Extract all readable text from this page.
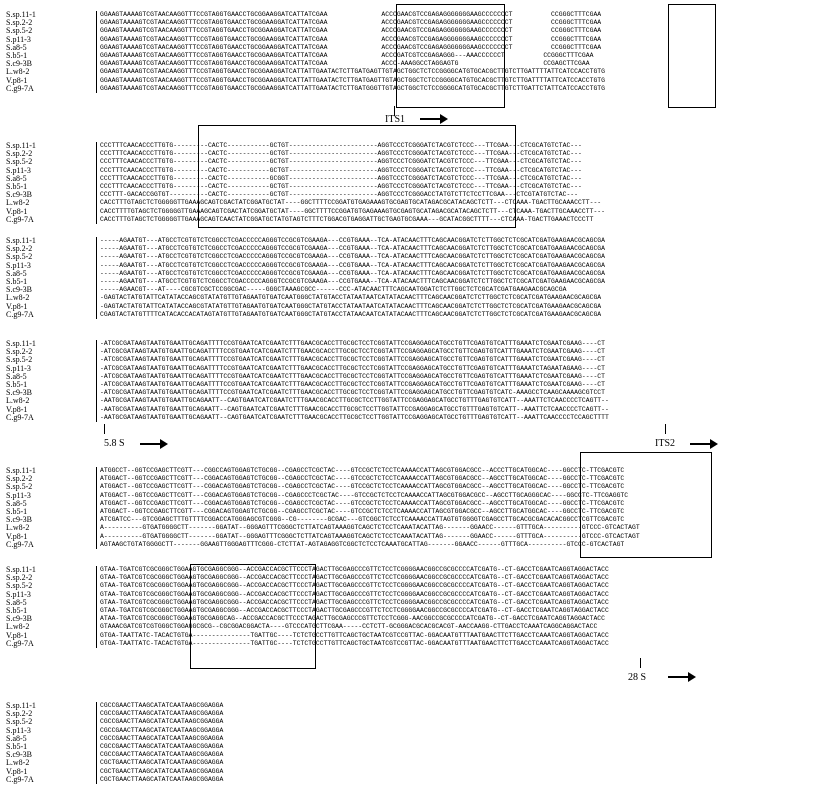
S.sp.11-1
S.sp.2-2
S.sp.5-2
S.p11-3
S.a8-5
S.b5-1
S.c9-3B
L.w8-2
V.p8-1
C.g9-7A
GGAAGTAAAAGTCGTAACAAGGTTTCCGTAGGTGAACCTGCGGAAGGATCATTATCGAA              ACCCGAACGTCCGAGAGGGGGGGAAGCCCCCCCT          CCGGGCTTTCGAA
GGAAGTAAAAGTCGTAACAAGGTTTCCGTAGGTGAACCTGCGGAAGGATCATTATCGAA              ACCCGAACGTCCGAGAGGGGGGGAAGCCCCCCCT          CCGGGCTTTCGAA
GGAAGTAAAAGTCGTAACAAGGTTTCCGTAGGTGAACCTGCGGAAGGATCATTATCGAA              ACCCGAACGTCCGAGAGGGGGGGAAGCCCCCCCT          CCGGGCTTTCGAA
GGAAGTAAAAGTCGTAACAAGGTTTCCGTAGGTGAACCTGCGGAAGGATCATTATCGAA              ACCCGAACGTCCGAGAGGGGGGGAAGCCCCCCCT          CCGGGCTTTCGAA
GGAAGTAAAAGTCGTAACAAGGTTTCCGTAGGTGAACCTGCGGAAGGATCATTATCGAA              ACCCGAACGTCCGAGAGGGGGGGAAGCCCCCCCT          CCGGGCTTTCGAA
GGAAGTAAAAGTCGTAACAAGGTTTCCGTAGGTGAACCTGCGGAAGGATCATTATCGAA              ACCCGATCGTCCGAGAGGG---AAACCCCCCT          CCGGGCTTTCGAA
GGAAGTAAAAGTCGTAACAAGGTTTCCGTAGGTGAACCTGCGGAAGGATCATTATCGAA              ACCC-AAAGGCCTAGGAGTG                      CCGAGCTTCGAA
GGAAGTAAAAGTCGTAACAAGGTTTCCGTAGGTGAACCTGCGGAAGGATCATTATTGAATACTCTTGATGAGTTGTAGCTGGCTCTCCGGGGCATGTGCACGCTTGTCTTGATTTTATTCATCCACCTGTG
GGAAGTAAAAGTCGTAACAAGGTTTCCGTAGGTGAACCTGCGGAAGGATCATTATTGAATACTCTTGATGAGTTGTAGCTGGCTCTCCGGGGCATGTGCACGCTTGTCTTGATTTTATTCATCCACCTGTG
GGAAGTAAAAGTCGTAACAAGGTTTCCGTAGGTGAACCTGCGGAAGGATCATTATTGAATACTCTTGATGGGTTGTAGCTGGCTCTCCGGGGCATGTGCACGCTTGTCTTGATTCTATTCATCCACCTGTG
ITS1
S.sp.11-1
S.sp.2-2
S.sp.5-2
S.p11-3
S.a8-5
S.b5-1
S.c9-3B
L.w8-2
V.p8-1
C.g9-7A
CCCTTTCAACACCCTTGTG---------CACTC-----------GCTGT-----------------------AGGTCCCTCGGGATCTACGTCTCCC---TTCGAA---CTCGCATGTCTAC---
CCCTTTCAACACCCTTGTG---------CACTC-----------GCTGT-----------------------AGGTCCCTCGGGATCTACGTCTCCC---TTCGAA---CTCGCATGTCTAC---
CCCTTTCAACACCCTTGTG---------CACTC-----------GCTGT-----------------------AGGTCCCTCGGGATCTACGTCTCCC---TTCGAA---CTCGCATGTCTAC---
CCCTTTCAACACCCTTGTG---------CACTC-----------GCTGT-----------------------AGGTCCCTCGGGATCTACGTCTCCC---TTCGAA---CTCGCATGTCTAC---
CCCTTTCAACACCCTTGTG---------CACTC-----------GCGGT-----------------------AGGTCCCTCGGGATCTACGTCTCCC---TTCGAA---CTCGCATGTCTAC---
CCCTTTCAACACCCTTGTG---------CACTC-----------GCTGT-----------------------AGGTCCCTCGGGATCTACGTCTCCC---TTCGAA---CTCGCATGTCTAC---
CCCTTT-GACACCGGTGT----------CACTC-----------GCTGT-----------------------AGGTCCCTCGGGACCTATGTCTTCTCCTTCGAA---CTCGTATGTCTAC---
CACCTTTGTAGCTCTGGGGGTTGAAAGCAGTCGACTATCGGATGCTAT----GGCTTTTCCGGATGTGAGAAAGTGCGAGTGCATAGACGCATACAGCTCTT---CTCAAA-TGACTTGCAAACCTT---
CACCTTTTGTAGCTCTGGGGGTTGAAAGCAGTCGACTATCGGATGCTAT----GGCTTTTCCGGATGTGAGAAAGTGCGAGTGCATAGACGCATACAGCTCTT---CTCAAA-TGACTTGCAAACCTT---
CACCTTTGTAGCTCTGGGGGTTGAAAGCAGTCAACTATCGGATGCTATGTAGTCTTTCTGGACGTGAGGATTGCTGAGTGCGAAA---GCATACGGCTTTT---CTCAAA-TGACTTGAAACTCCCTT
S.sp.11-1
S.sp.2-2
S.sp.5-2
S.p11-3
S.a8-5
S.b5-1
S.c9-3B
L.w8-2
V.p8-1
C.g9-7A
-----AGAATGT---ATGCCTCGTGTCTCGGCCTCGACCCCCAGGGTCCGCGTCGAAGA---CCGTGAAA--TCA-ATACAACTTTCAGCAACGGATCTCTTGGCTCTCGCATCGATGAAGAACGCAGCGA
-----AGAATGT---ATGCCTCGTGTCTCGGCCTCGACCCCCAGGGTCCGCGTCGAAGA---CCGTGAAA--TCA-ATACAACTTTCAGCAACGGATCTCTTGGCTCTCGCATCGATGAAGAACGCAGCGA
-----AGAATGT---ATGCCTCGTGTCTCGGCCTCGACCCCCAGGGTCCGCGTCGAAGA---CCGTGAAA--TCA-ATACAACTTTCAGCAACGGATCTCTTGGCTCTCGCATCGATGAAGAACGCAGCGA
-----AGAATGT---ATGCCTCGTGTCTCGGCCTCGACCCCCAGGGTCCGCGTCGAAGA---CCGTGAAA--TCA-ATACAACTTTCAGCAACGGATCTCTTGGCTCTCGCATCGATGAAGAACGCAGCGA
-----AGAATGT---ATGCCTCGTGTCTCGGCCTCGACCCCCAGGGTCCGCGTCGAAGA---CCGTGAAA--TCA-ATACAACTTTCAGCAACGGATCTCTTGGCTCTCGCATCGATGAAGAACGCAGCGA
-----AGAATGT---ATGCCTCGTGTCTCGGCCTCGACCCCCAGGGTCCGCGTCGAAGA---CCGTGAAA--TCA-ATACAACTTTCAGCAACGGATCTCTTGGCTCTCGCATCGATGAAGAACGCAGCGA
-----AGAACGT---AT----CGCGTCGCTCCGGCGAC-----GGGCTAAAGCGCC------CCC-ATACAACTTTCAGCAATGGATCTCTTGGCTCTCGCATCGATGAAGAACGCAGCGA
-GAGTACTATGTATTCATATACCAGCGTATATGTTGTAGAATGTGATCAATGGGCTATGTACCTATAATAATCATATACAACTTTCAGCAACGGATCTCTTGGCTCTCGCATCGATGAAGAACGCAGCGA
-GAGTACTATGTATTCATATACCAGCGTATATGTTGTAGAATGTGATCAATGGGCTATGTACCTATAATAATCATATACAACTTTCAGCAACGGATCTCTTGGCTCTCGCATCGATGAAGAACGCAGCGA
CGAGTACTATGTTTTCATACACCACATAGTATGTTGTAGAATGTGATCAATGGGCTATGTACCTATAACAATCATATACAACTTTCAGCAACGGATCTCTTGGCTCTCGCATCGATGAAGAACGCAGCGA
S.sp.11-1
S.sp.2-2
S.sp.5-2
S.p11-3
S.a8-5
S.b5-1
S.c9-3B
L.w8-2
V.p8-1
C.g9-7A
-ATCGCGATAAGTAATGTGAATTGCAGATTTTCCGTGAATCATCGAATCTTTGAACGCACCTTGCGCTCCTCGGTATTCCGAGGAGCATGCCTGTTCGAGTGTCATTTGAAATCTCGAATCGAAG----CT
-ATCGCGATAAGTAATGTGAATTGCAGATTTTCCGTGAATCATCGAATCTTTGAACGCACCTTGCGCTCCTCGGTATTCCGAGGAGCATGCCTGTTCGAGTGTCATTTGAAATCTCGAATCGAAG----CT
-ATCGCGATAAGTAATGTGAATTGCAGATTTTCCGTGAATCATCGAATCTTTGAACGCACCTTGCGCTCCTCGGTATTCCGAGGAGCATGCCTGTTCGAGTGTCATTTGAAATCTCGAATCGAAG----CT
-ATCGCGATAAGTAATGTGAATTGCAGATTTTCCGTGAATCATCGAATCTTTGAACGCACCTTGCGCTCCTCGGTATTCCGAGGAGCATGCCTGTTCGAGTGTCATTTGAAATCTAGAATAGAAG----CT
-ATCGCGATAAGTAATGTGAATTGCAGATTTTCCGTGAATCATCGAATCTTTGAACGCACCTTGCGCTCCTCGGTATTCCGAGGAGCATGCCTGTTCGAGTGTCATTTGAAATCTCGAATCGAAG----CT
-ATCGCGATAAGTAATGTGAATTGCAGATTTTCCGTGAATCATCGAATCTTTGAACGCACCTTGCGCTCCTCGGTATTCCGAGGAGCATGCCTGTTCGAGTGTCATTTGAAATCTCGAATCGAAG----CT
-ATCGCGATAAGTAATGTGAATTGCAGATTTTCCGTGAATCATCGAATCTTTGAACGCACCTTGCGCTCCTCGGTATTCCGAGGAGCATGCCTGTTCGAGTGTCATC-AAAGCCTCAAGCAAAAGCGTCCT
-AATGCGATAAGTAATGTGAATTGCAGAATT--CAGTGAATCATCGAATCTTTGAACGCACCTTGCGCTCCTTGGTATTCCGAGGAGCATGCCTGTTTGAGTGTCATT--AAATTCTCAACCCCTCAGTT--
-AATGCGATAAGTAATGTGAATTGCAGAATT--CAGTGAATCATCGAATCTTTGAACGCACCTTGCGCTCCTTGGTATTCCGAGGAGCATGCCTGTTTGAGTGTCATT--AAATTCTCAACCCCTCAGTT--
-AATGCGATAAGTAATGTGAATTGCAGAATT--CAGTGAATCATCGAATCTTTGAACGCACCTTGCGCTCCTTGGTATTCCGAGGAGCATGCCTGTTTGAGTGTCATT--AAATTCAACCCCTCCAGCTTTT
5.8 S	ITS2
S.sp.11-1
S.sp.2-2
S.sp.5-2
S.p11-3
S.a8-5
S.b5-1
S.c9-3B
L.w8-2
V.p8-1
C.g9-7A
ATGGCCT--GGTCCGAGCTTCGTT---CGGCCAGTGGAGTCTGCGG--CGAGCCTCGCTAC----GTCCGCTCTCCTCAAAACCATTAGCGTGGACGCC--ACCCTTGCATGGCAC----GGCCTC-TTCGACGTC
ATGGACT--GGTCCGAGCTTCGTT---CGGACAGTGGAGTCTGCGG--CGAGCCTCGCTAC----GTCCGCTCTCCTCAAAACCATTAGCGTGGACGCC--AGCCTTGCATGGCAC----GGCCTC-TTCGACGTC
ATGGACT--GGTCCGAGCTTCGTT---CGGACAGTGGAGTCTGCGG--CGAGCCTCGCTAC----GTCCGCTCTCCTCAAAACCATTAGCGTGGACGCC--AGCCTTGCATGGCAC----GGCCTC-TTCGACGTC
ATGGACT--GGTCCGAGCTTCGTT---CGGACAGTGGAGTCTGCGG--CGAGCCCTCGCTAC----GTCCGCTCTCCTCAAAACCATTAGCGTGGACGCC--AGCCTTGCAGGGCAC----GGCCTC-TTCGAGGTC
ATGGACT--GGTCCGAGCTTCGTT---CGGACAGTGGAGTCTGCGG--CGAGCCTCGCTAC----GTCCGCTCTCCTCAAAACCATTAGCGTGGACGCC--AGCCTTGCATGGCAC----GGCCTC-TTCGACGTC
ATGGACT--GGTCCGAGCTTCGTT---CGGACAGTGGAGTCTGCGG--CGAGCCTCGCTAC----GTCCGCTCTCCTCAAAACCATTAGCGTGGACGCC--AGCCTTGCATGGCAC----GGCCTC-TTCGACGTC
ATCGATCC---GTCGGAGCTTTGTTTTCGGACCATGGGAGCGTCGGG--CG--------GCGAC---GTCGGCTCTCCTCAAAACCATTAGTGTGGGGTCGAGCCTTGCACGCGACACACGGCCTCGTTCGACGTC
A----------GTGATGGGGCTT-------GGATAT--GGGAGTTTCGGGCTCTTATCAGTAAAGGTCAGCTCTCCTCAAATACATTAG-------GGAACC------GTTTGCA----------GTCCC-GTCACTAGT
A----------GTGATGGGGCTT-------GGATAT--GGGAGTTTCGGGCTCTTATCAGTAAAGGTCAGCTCTCCTCAAATACATTAG-------GGAACC------GTTTGCA----------GTCCC-GTCACTAGT
AGTAAGCTGTATGGGGCTT-------GGAAGTTGGGAGTTTCGGG-CTCTTAT-AGTAGAGGTCGGCTCTCCTCAAATGCATTAG-------GGAACC------GTTTGCA----------GTCCC-GTCACTAGT
S.sp.11-1
S.sp.2-2
S.sp.5-2
S.p11-3
S.a8-5
S.b5-1
S.c9-3B
L.w8-2
V.p8-1
C.g9-7A
GTAA-TGATCGTCGCGGGCTGGAAGTGCGAGGCGGG--ACCGACCACGCTTCCCTAGACTTGCGAGCCCGTTCTCCTCGGGGAACGGCCGCGCCCCATCGATG--CT-GACCTCGAATCAGGTAGGACTACC
GTAA-TGATCGTCGCGGGCTGGAAGTGCGAGGCGGG--ACCGACCACGCTTCCCTAGACTTGCGAGCCCGTTCTCCTCGGGGAACGGCCGCGCCCCATCGATG--CT-GACCTCGAATCAGGTAGGACTACC
GTAA-TGATCGTCGCGGGCTGGAAGTGCGAGGCGGG--ACCGACCACGCTTCCCTAGACTTGCGAGCCCGTTCTCCTCGGGGAACGGCCGCGCCCCATCGATG--CT-GACCTCGAATCAGGTAGGACTACC
GTAA-TGATCGTCGCGGGCTGGAAGTGCGAGGCGGG--ACCGACCACGCTTCCCTAGACTTGCGAGCCCGTTCTCCTCGGGGAACGGCCGCGCCCCATCGATG--CT-GACCTCGAATCAGGTAGGACTACC
GTAA-TGATCGTCGCGGGCTGGAAGTGCGAGGCGGG--ACCGACCACGCTTCCCTAGACTTGCGAGCCCGTTCTCCTCGGGGAACGGCCGCGCCCCATCGATG--CT-GACCTCGAATCAGGTAGGACTACC
GTAA-TGATCGTCGCGGGCTGGAAGTGCGAGGCGGG--ACCGACCACGCTTCCCTAGACTTGCGAGCCCGTTCTCCTCGGGGAACGGCCGCGCCCCATCGATG--CT-GACCTCGAATCAGGTAGGACTACC
ATAA-TGATCGTCGCGGGCTGGAAGTGCGAGGCAG--ACCGACCACGCTTCCCTAGACTTGCGAGCCCGTTCTCCTCGGG-AACGGCCGCGCCCCATCGATG--CT-GACCTCGAATCAGGTAGGACTACC
GTAAACGATCGTCGTGGGCTGGAGGCGCG--CGCGGACGGACTA----GTCCCATGCTTCGAA-----CCTCTT-GCGGGACGCACGCACGT-AACCAAGG-CTTGACCTCAAATCAGGCAGGACTACC
GTGA-TAATTATC-TACACTGTGA---------------TGATTGC----TCTCTGCCTTGTTCAGCTGCTAATCGTCCGTTAC-GGACAATGTTTAATGAACTTCTTGACCTCAAATCAGGTAGGACTACC
GTGA-TAATTATC-TACACTGTGA---------------TGATTGC----TCTCTGCCTTGTTCAGCTGCTAATCGTCCGTTAC-GGACAATGTTTAATGAACTTCTTGACCTCAAATCAGGTAGGACTACC
28 S
S.sp.11-1
S.sp.2-2
S.sp.5-2
S.p11-3
S.a8-5
S.b5-1
S.c9-3B
L.w8-2
V.p8-1
C.g9-7A
CGCCGAACTTAAGCATATCAATAAGCGGAGGA
CGCCGAACTTAAGCATATCAATAAGCGGAGGA
CGCCGAACTTAAGCATATCAATAAGCGGAGGA
CGCCGAACTTAAGCATATCAATAAGCGGAGGA
CGCCGAACTTAAGCATATCAATAAGCGGAGGA
CGCCGAACTTAAGCATATCAATAAGCGGAGGA
CGCCGAACTTAAGCATATCAATAAGCGGAGGA
CGCTGAACTTAAGCATATCAATAAGCGGAGGA
CGCTGAACTTAAGCATATCAATAAGCGGAGGA
CGCTGAACTTAAGCATATCAATAAGCGGAGGA
